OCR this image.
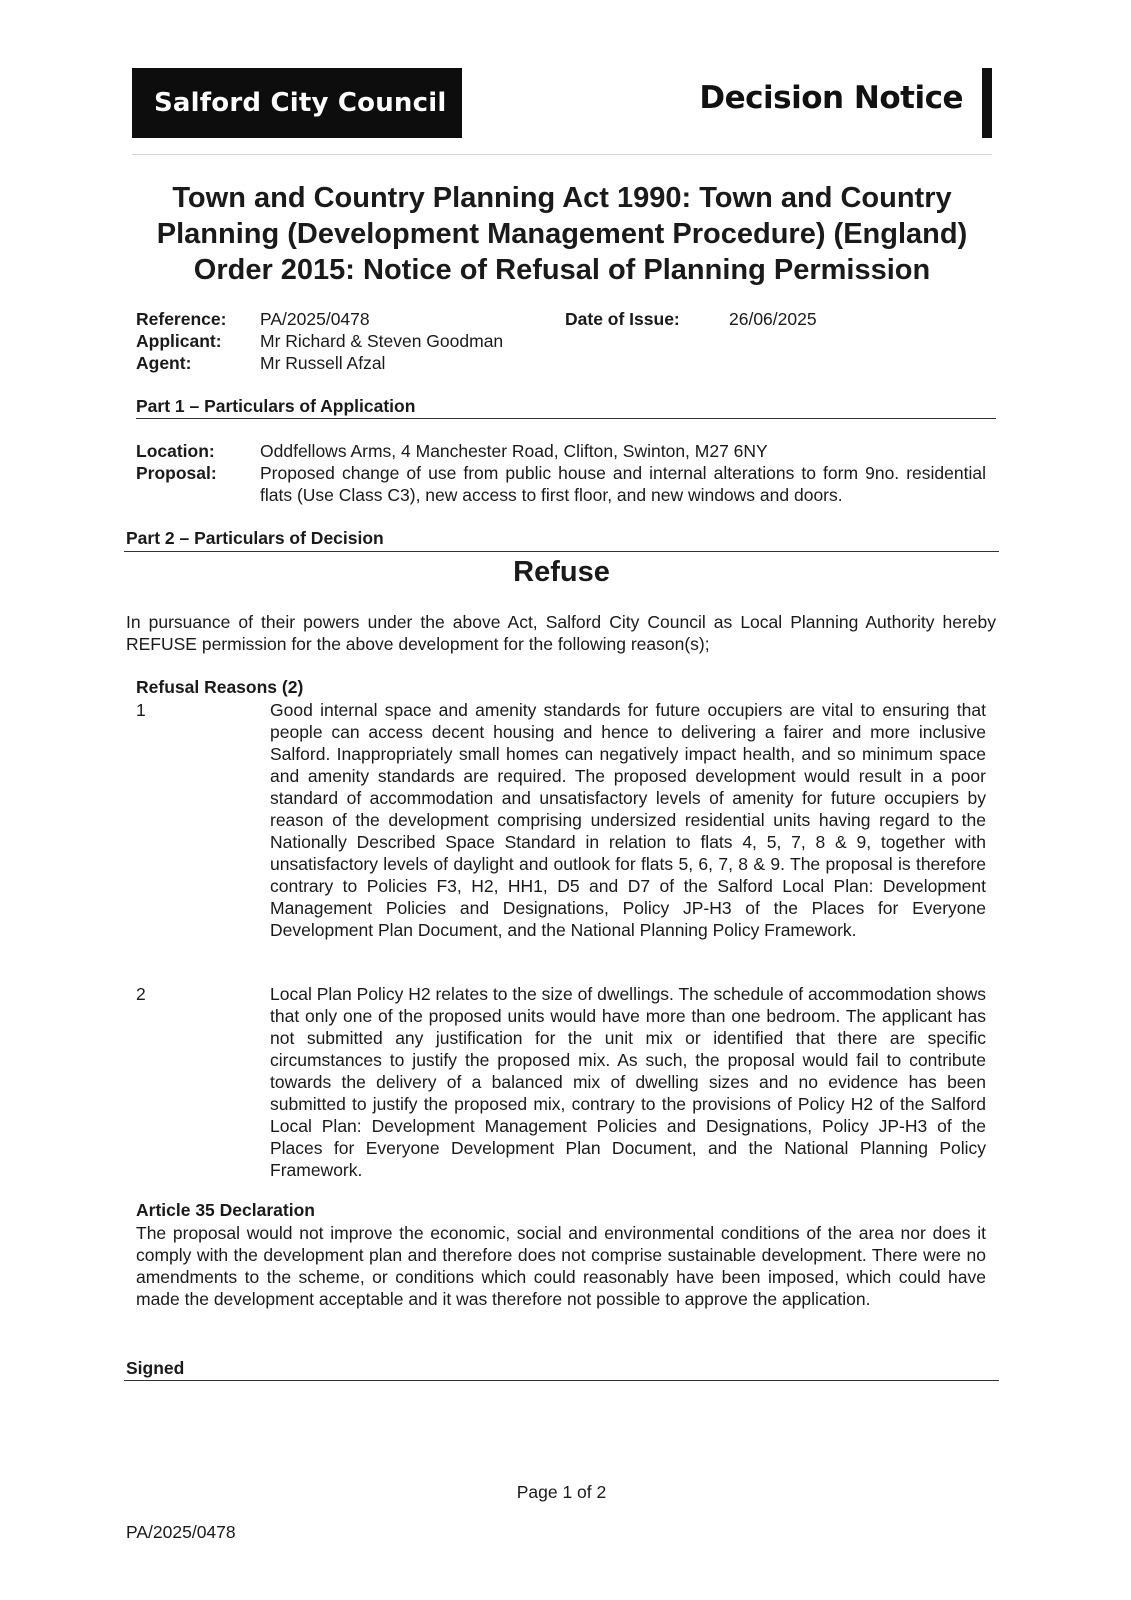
Salford City Council	Decision Notice
Town and Country Planning Act 1990: Town and Country
Planning (Development Management Procedure) (England)
Order 2015: Notice of Refusal of Planning Permission
Reference: PA/2025/0478	Date of Issue:	26/06/2025
Applicant: Mr Richard & Steven Goodman
Agent:	Mr Russell Afzal
Part 1 – Particulars of Application
Location:	Oddfellows Arms, 4 Manchester Road, Clifton, Swinton, M27 6NY
Proposal: Proposed change of use from public house and internal alterations to form 9no. residential flats (Use Class C3), new access to first floor, and new windows and doors.
Part 2 – Particulars of Decision
Refuse
In pursuance of their powers under the above Act, Salford City Council as Local Planning Authority hereby REFUSE permission for the above development for the following reason(s);
Refusal Reasons (2)
1	Good internal space and amenity standards for future occupiers are vital to ensuring that people can access decent housing and hence to delivering a fairer and more inclusive Salford. Inappropriately small homes can negatively impact health, and so minimum space and amenity standards are required. The proposed development would result in a poor standard of accommodation and unsatisfactory levels of amenity for future occupiers by reason of the development comprising undersized residential units having regard to the Nationally Described Space Standard in relation to flats 4, 5, 7, 8 & 9, together with unsatisfactory levels of daylight and outlook for flats 5, 6, 7, 8 & 9. The proposal is therefore contrary to Policies F3, H2, HH1, D5 and D7 of the Salford Local Plan: Development Management Policies and Designations, Policy JP-H3 of the Places for Everyone Development Plan Document, and the National Planning Policy Framework.
2	Local Plan Policy H2 relates to the size of dwellings. The schedule of accommodation shows that only one of the proposed units would have more than one bedroom. The applicant has not submitted any justification for the unit mix or identified that there are specific circumstances to justify the proposed mix. As such, the proposal would fail to contribute towards the delivery of a balanced mix of dwelling sizes and no evidence has been submitted to justify the proposed mix, contrary to the provisions of Policy H2 of the Salford Local Plan: Development Management Policies and Designations, Policy JP-H3 of the Places for Everyone Development Plan Document, and the National Planning Policy Framework.
Article 35 Declaration
The proposal would not improve the economic, social and environmental conditions of the area nor does it comply with the development plan and therefore does not comprise sustainable development. There were no amendments to the scheme, or conditions which could reasonably have been imposed, which could have made the development acceptable and it was therefore not possible to approve the application.
Signed
Page 1 of 2
PA/2025/0478
